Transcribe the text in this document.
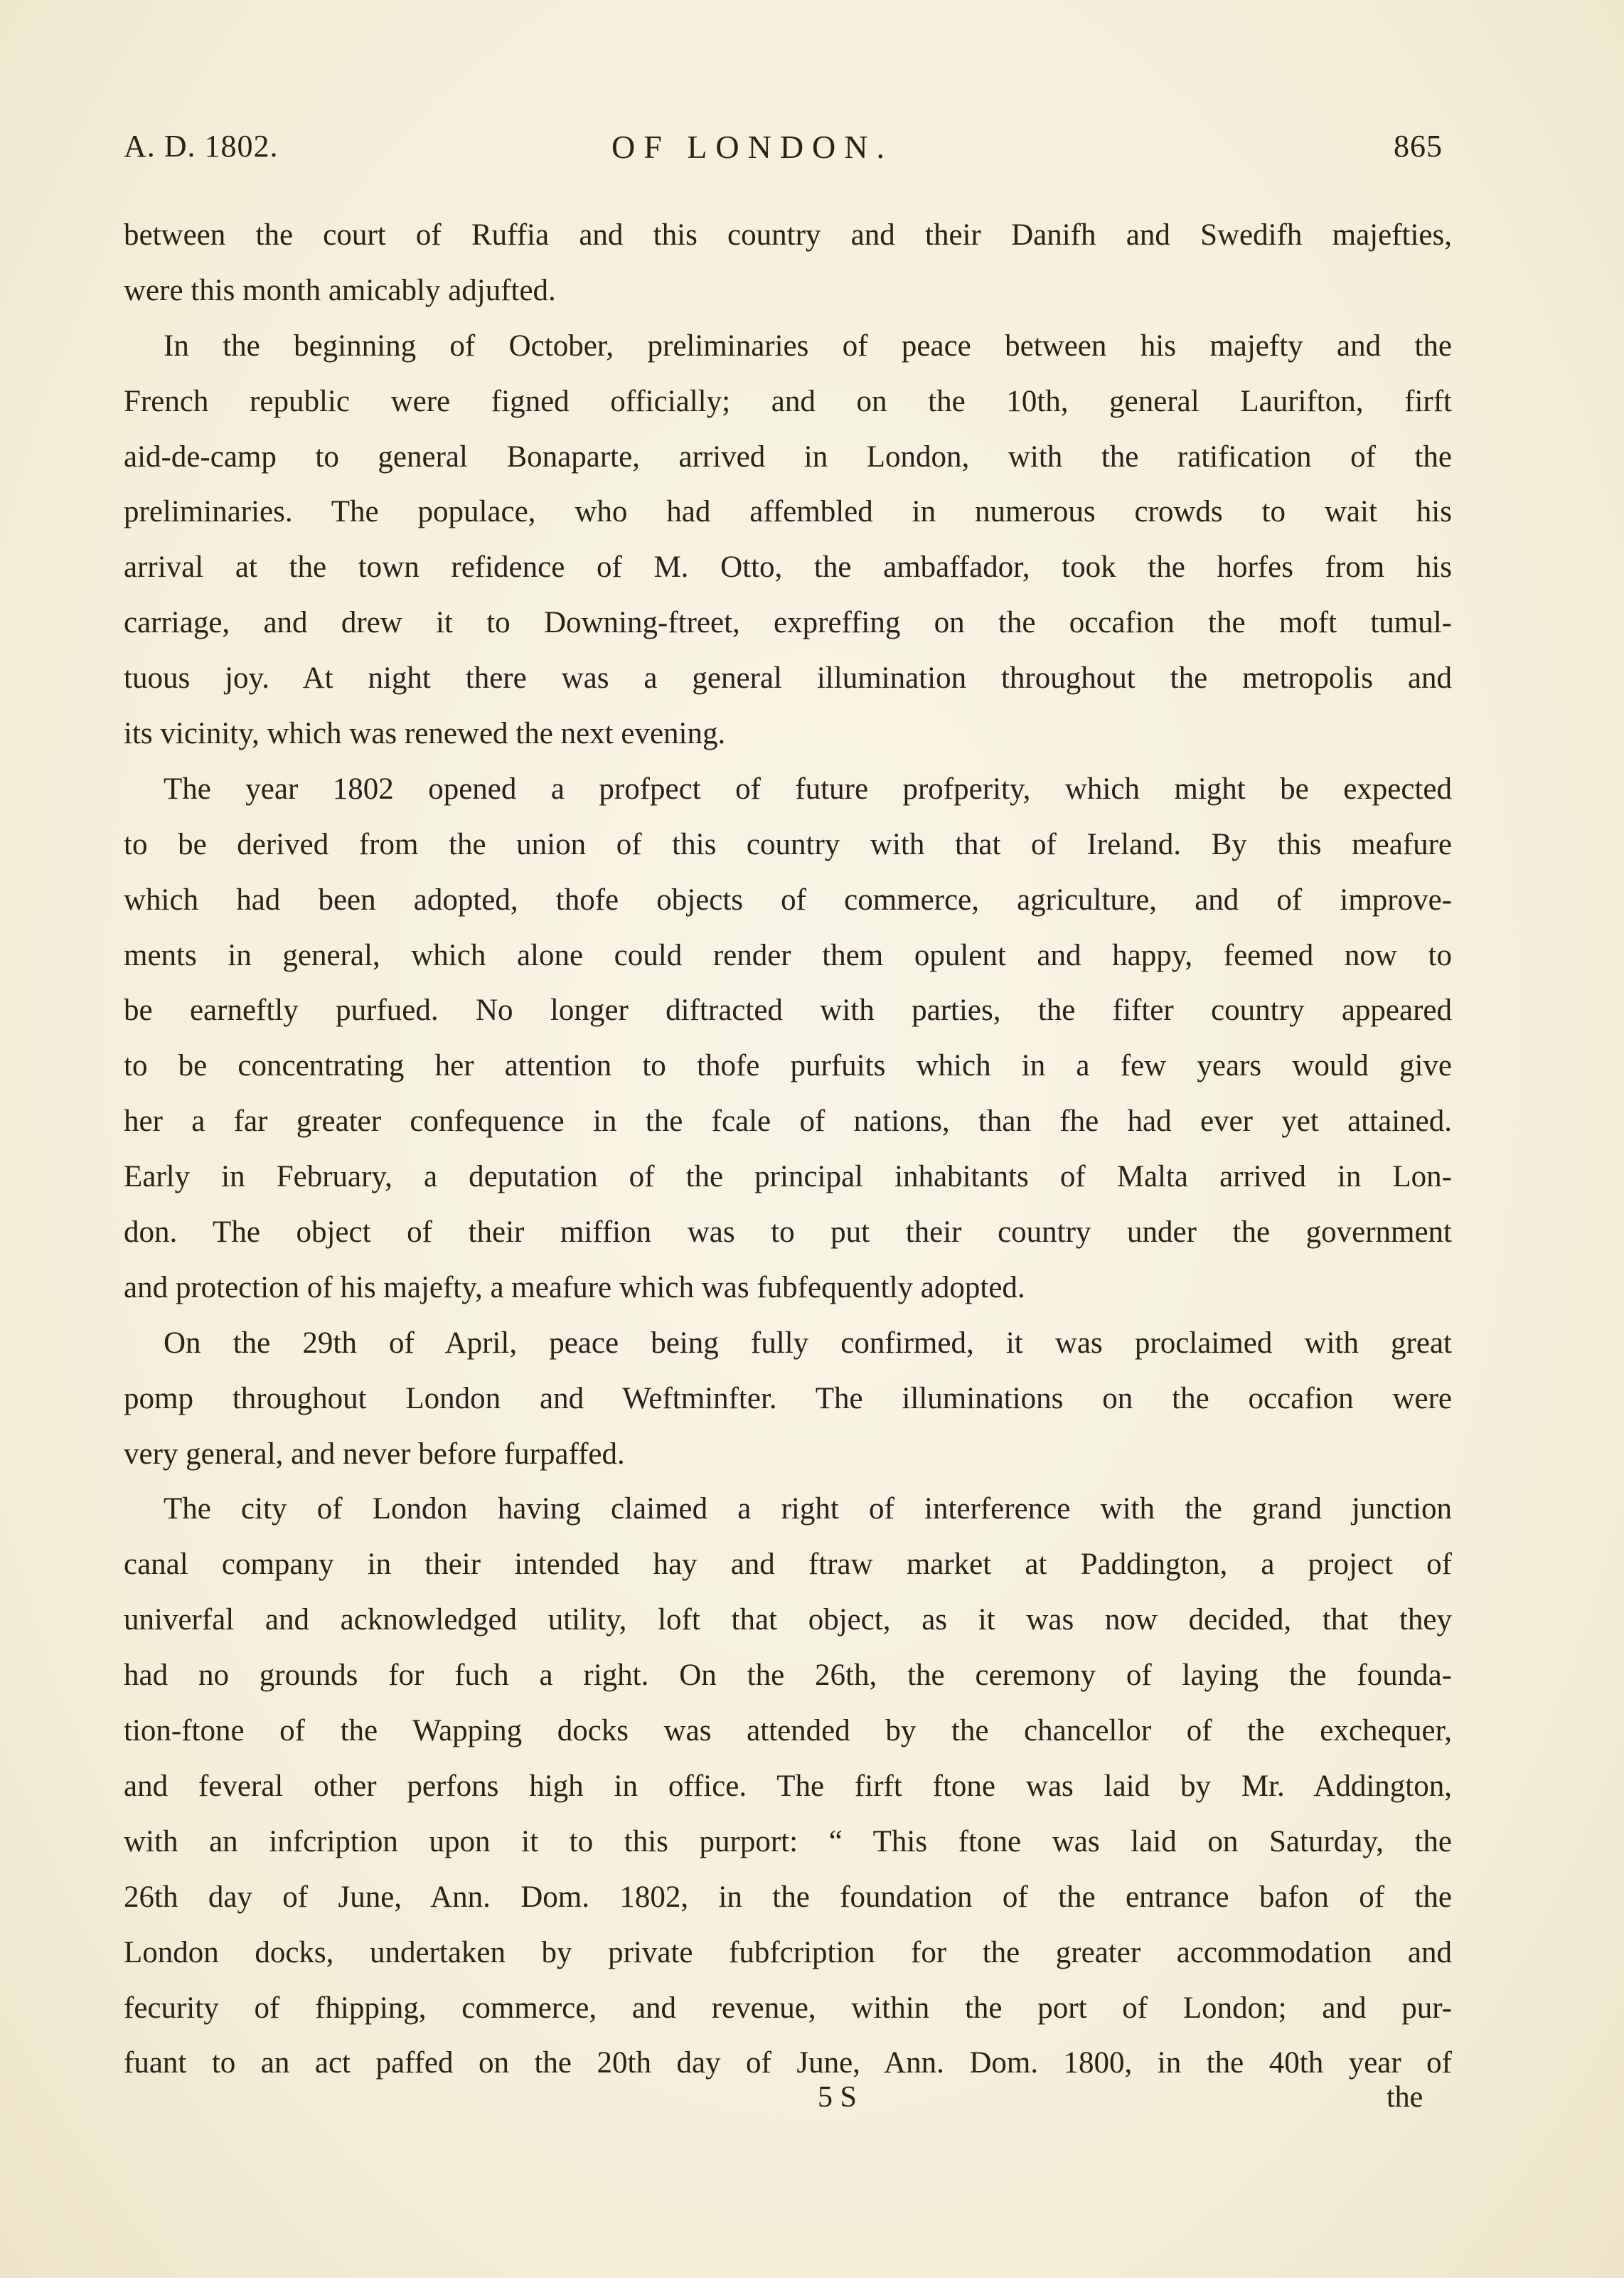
A. D. 1802.	OF LONDON.	865
between the court of Ruffia and this country and their Danifh and Swedifh majefties,
were this month amicably adjufted.
In the beginning of October, preliminaries of peace between his majefty and the
French republic were figned officially; and on the 10th, general Laurifton, firft
aid-de-camp to general Bonaparte, arrived in London, with the ratification of the
preliminaries. The populace, who had affembled in numerous crowds to wait his
arrival at the town refidence of M. Otto, the ambaffador, took the horfes from his
carriage, and drew it to Downing-ftreet, expreffing on the occafion the moft tumul-
tuous joy. At night there was a general illumination throughout the metropolis and
its vicinity, which was renewed the next evening.
The year 1802 opened a profpect of future profperity, which might be expected
to be derived from the union of this country with that of Ireland. By this meafure
which had been adopted, thofe objects of commerce, agriculture, and of improve-
ments in general, which alone could render them opulent and happy, feemed now to
be earneftly purfued. No longer diftracted with parties, the fifter country appeared
to be concentrating her attention to thofe purfuits which in a few years would give
her a far greater confequence in the fcale of nations, than fhe had ever yet attained.
Early in February, a deputation of the principal inhabitants of Malta arrived in Lon-
don. The object of their miffion was to put their country under the government
and protection of his majefty, a meafure which was fubfequently adopted.
On the 29th of April, peace being fully confirmed, it was proclaimed with great
pomp throughout London and Weftminfter. The illuminations on the occafion were
very general, and never before furpaffed.
The city of London having claimed a right of interference with the grand junction
canal company in their intended hay and ftraw market at Paddington, a project of
univerfal and acknowledged utility, loft that object, as it was now decided, that they
had no grounds for fuch a right. On the 26th, the ceremony of laying the founda-
tion-ftone of the Wapping docks was attended by the chancellor of the exchequer,
and feveral other perfons high in office. The firft ftone was laid by Mr. Addington,
with an infcription upon it to this purport: “ This ftone was laid on Saturday, the
26th day of June, Ann. Dom. 1802, in the foundation of the entrance bafon of the
London docks, undertaken by private fubfcription for the greater accommodation and
fecurity of fhipping, commerce, and revenue, within the port of London; and pur-
fuant to an act paffed on the 20th day of June, Ann. Dom. 1800, in the 40th year of
5 S	the
